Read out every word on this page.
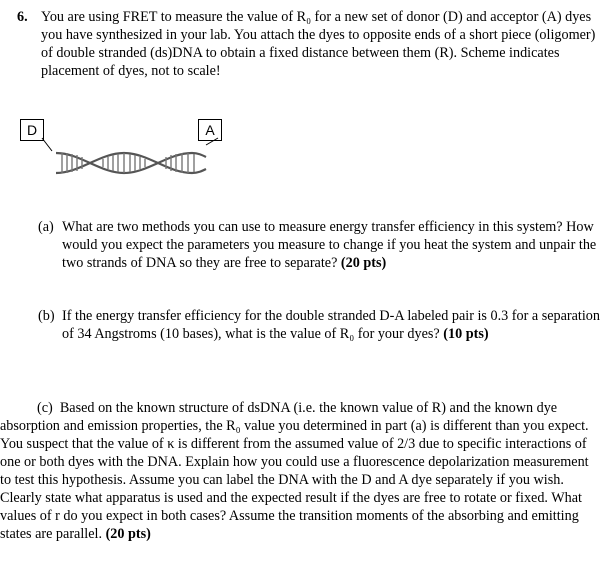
6. You are using FRET to measure the value of R₀ for a new set of donor (D) and acceptor (A) dyes you have synthesized in your lab. You attach the dyes to opposite ends of a short piece (oligomer) of double stranded (ds)DNA to obtain a fixed distance between them (R). Scheme indicates placement of dyes, not to scale!

D	A
(a) What are two methods you can use to measure energy transfer efficiency in this system? How would you expect the parameters you measure to change if you heat the system and unpair the two strands of DNA so they are free to separate? (20 pts)

(b) If the energy transfer efficiency for the double stranded D-A labeled pair is 0.3 for a separation of 34 Angstroms (10 bases), what is the value of R₀ for your dyes? (10 pts)

(c) Based on the known structure of dsDNA (i.e. the known value of R) and the known dye absorption and emission properties, the R₀ value you determined in part (a) is different than you expect. You suspect that the value of κ is different from the assumed value of 2/3 due to specific interactions of one or both dyes with the DNA. Explain how you could use a fluorescence depolarization measurement to test this hypothesis. Assume you can label the DNA with the D and A dye separately if you wish. Clearly state what apparatus is used and the expected result if the dyes are free to rotate or fixed. What values of r do you expect in both cases? Assume the transition moments of the absorbing and emitting states are parallel. (20 pts)
